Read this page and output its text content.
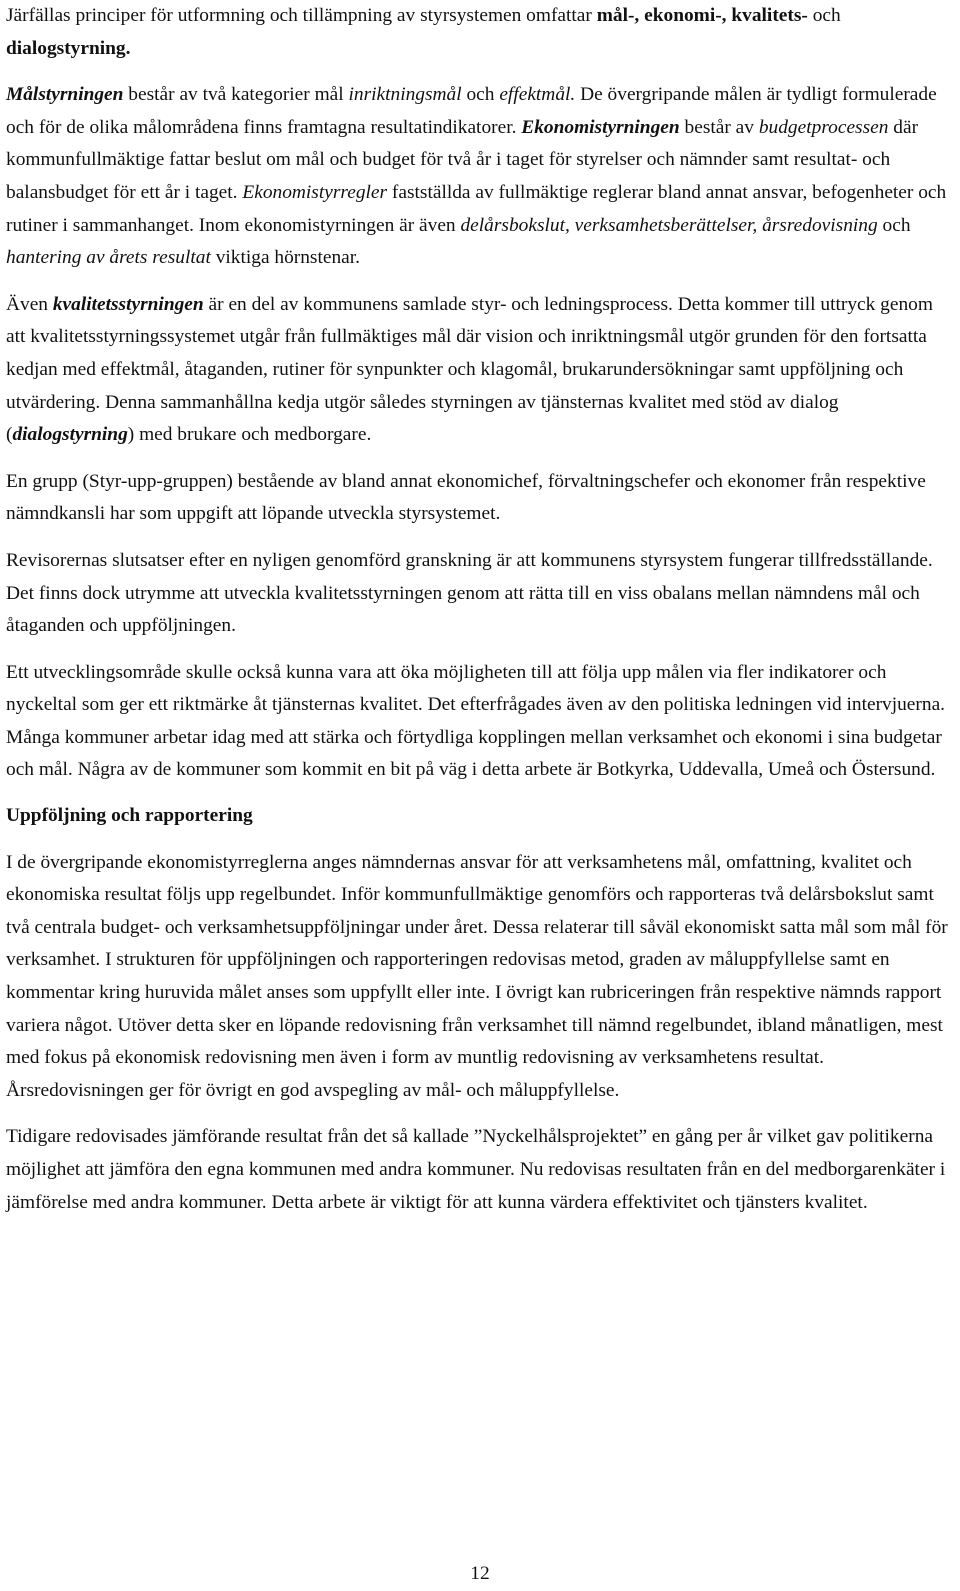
Järfällas principer för utformning och tillämpning av styrsystemen omfattar mål-, ekonomi-, kvalitets- och dialogstyrning.

Målstyrningen består av två kategorier mål inriktningsmål och effektmål. De övergripande målen är tydligt formulerade och för de olika målområdena finns framtagna resultatindikatorer. Ekonomistyrningen består av budgetprocessen där kommunfullmäktige fattar beslut om mål och budget för två år i taget för styrelser och nämnder samt resultat- och balansbudget för ett år i taget. Ekonomistyrregler fastställda av fullmäktige reglerar bland annat ansvar, befogenheter och rutiner i sammanhanget. Inom ekonomistyrningen är även delårsbokslut, verksamhetsberättelser, årsredovisning och hantering av årets resultat viktiga hörnstenar.

Även kvalitetsstyrningen är en del av kommunens samlade styr- och ledningsprocess. Detta kommer till uttryck genom att kvalitetsstyrningssystemet utgår från fullmäktiges mål där vision och inriktningsmål utgör grunden för den fortsatta kedjan med effektmål, åtaganden, rutiner för synpunkter och klagomål, brukarundersökningar samt uppföljning och utvärdering. Denna sammanhållna kedja utgör således styrningen av tjänsternas kvalitet med stöd av dialog (dialogstyrning) med brukare och medborgare.

En grupp (Styr-upp-gruppen) bestående av bland annat ekonomichef, förvaltningschefer och ekonomer från respektive nämndkansli har som uppgift att löpande utveckla styrsystemet.

Revisorernas slutsatser efter en nyligen genomförd granskning är att kommunens styrsystem fungerar tillfredsställande. Det finns dock utrymme att utveckla kvalitetsstyrningen genom att rätta till en viss obalans mellan nämndens mål och åtaganden och uppföljningen.

Ett utvecklingsområde skulle också kunna vara att öka möjligheten till att följa upp målen via fler indikatorer och nyckeltal som ger ett riktmärke åt tjänsternas kvalitet. Det efterfrågades även av den politiska ledningen vid intervjuerna. Många kommuner arbetar idag med att stärka och förtydliga kopplingen mellan verksamhet och ekonomi i sina budgetar och mål. Några av de kommuner som kommit en bit på väg i detta arbete är Botkyrka, Uddevalla, Umeå och Östersund.

Uppföljning och rapportering

I de övergripande ekonomistyrreglerna anges nämndernas ansvar för att verksamhetens mål, omfattning, kvalitet och ekonomiska resultat följs upp regelbundet. Inför kommunfullmäktige genomförs och rapporteras två delårsbokslut samt två centrala budget- och verksamhetsuppföljningar under året. Dessa relaterar till såväl ekonomiskt satta mål som mål för verksamhet. I strukturen för uppföljningen och rapporteringen redovisas metod, graden av måluppfyllelse samt en kommentar kring huruvida målet anses som uppfyllt eller inte. I övrigt kan rubriceringen från respektive nämnds rapport variera något. Utöver detta sker en löpande redovisning från verksamhet till nämnd regelbundet, ibland månatligen, mest med fokus på ekonomisk redovisning men även i form av muntlig redovisning av verksamhetens resultat. Årsredovisningen ger för övrigt en god avspegling av mål- och måluppfyllelse.

Tidigare redovisades jämförande resultat från det så kallade ”Nyckelhålsprojektet” en gång per år vilket gav politikerna möjlighet att jämföra den egna kommunen med andra kommuner. Nu redovisas resultaten från en del medborgarenkäter i jämförelse med andra kommuner. Detta arbete är viktigt för att kunna värdera effektivitet och tjänsters kvalitet.

12
